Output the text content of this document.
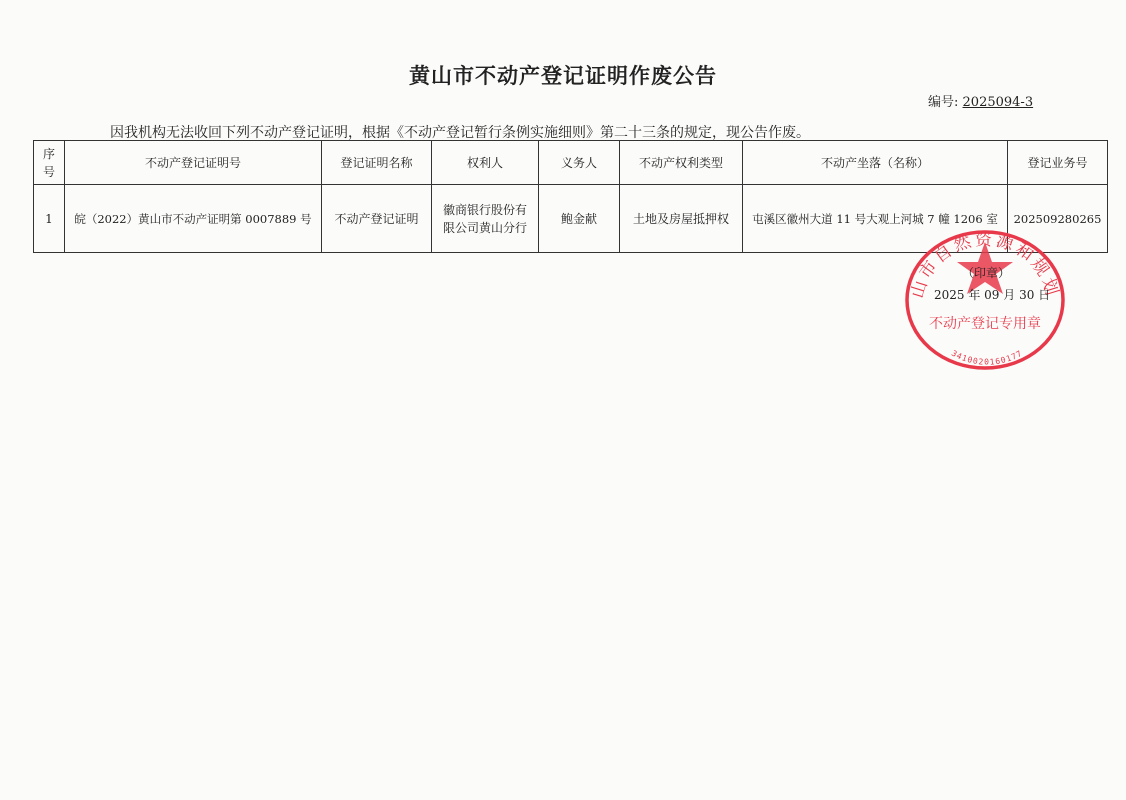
黄山市不动产登记证明作废公告
编号: 2025094-3
因我机构无法收回下列不动产登记证明，根据《不动产登记暂行条例实施细则》第二十三条的规定，现公告作废。
序号	不动产登记证明号	登记证明名称	权利人	义务人	不动产权利类型	不动产坐落（名称）	登记业务号
1	皖（2022）黄山市不动产证明第 0007889 号	不动产登记证明	徽商银行股份有限公司黄山分行	鲍金献	土地及房屋抵押权	屯溪区徽州大道 11 号大观上河城 7 幢 1206 室	202509280265
山市自然资源和规划
不动产登记专用章
3410020160177
（印章）
2025 年 09 月 30 日
